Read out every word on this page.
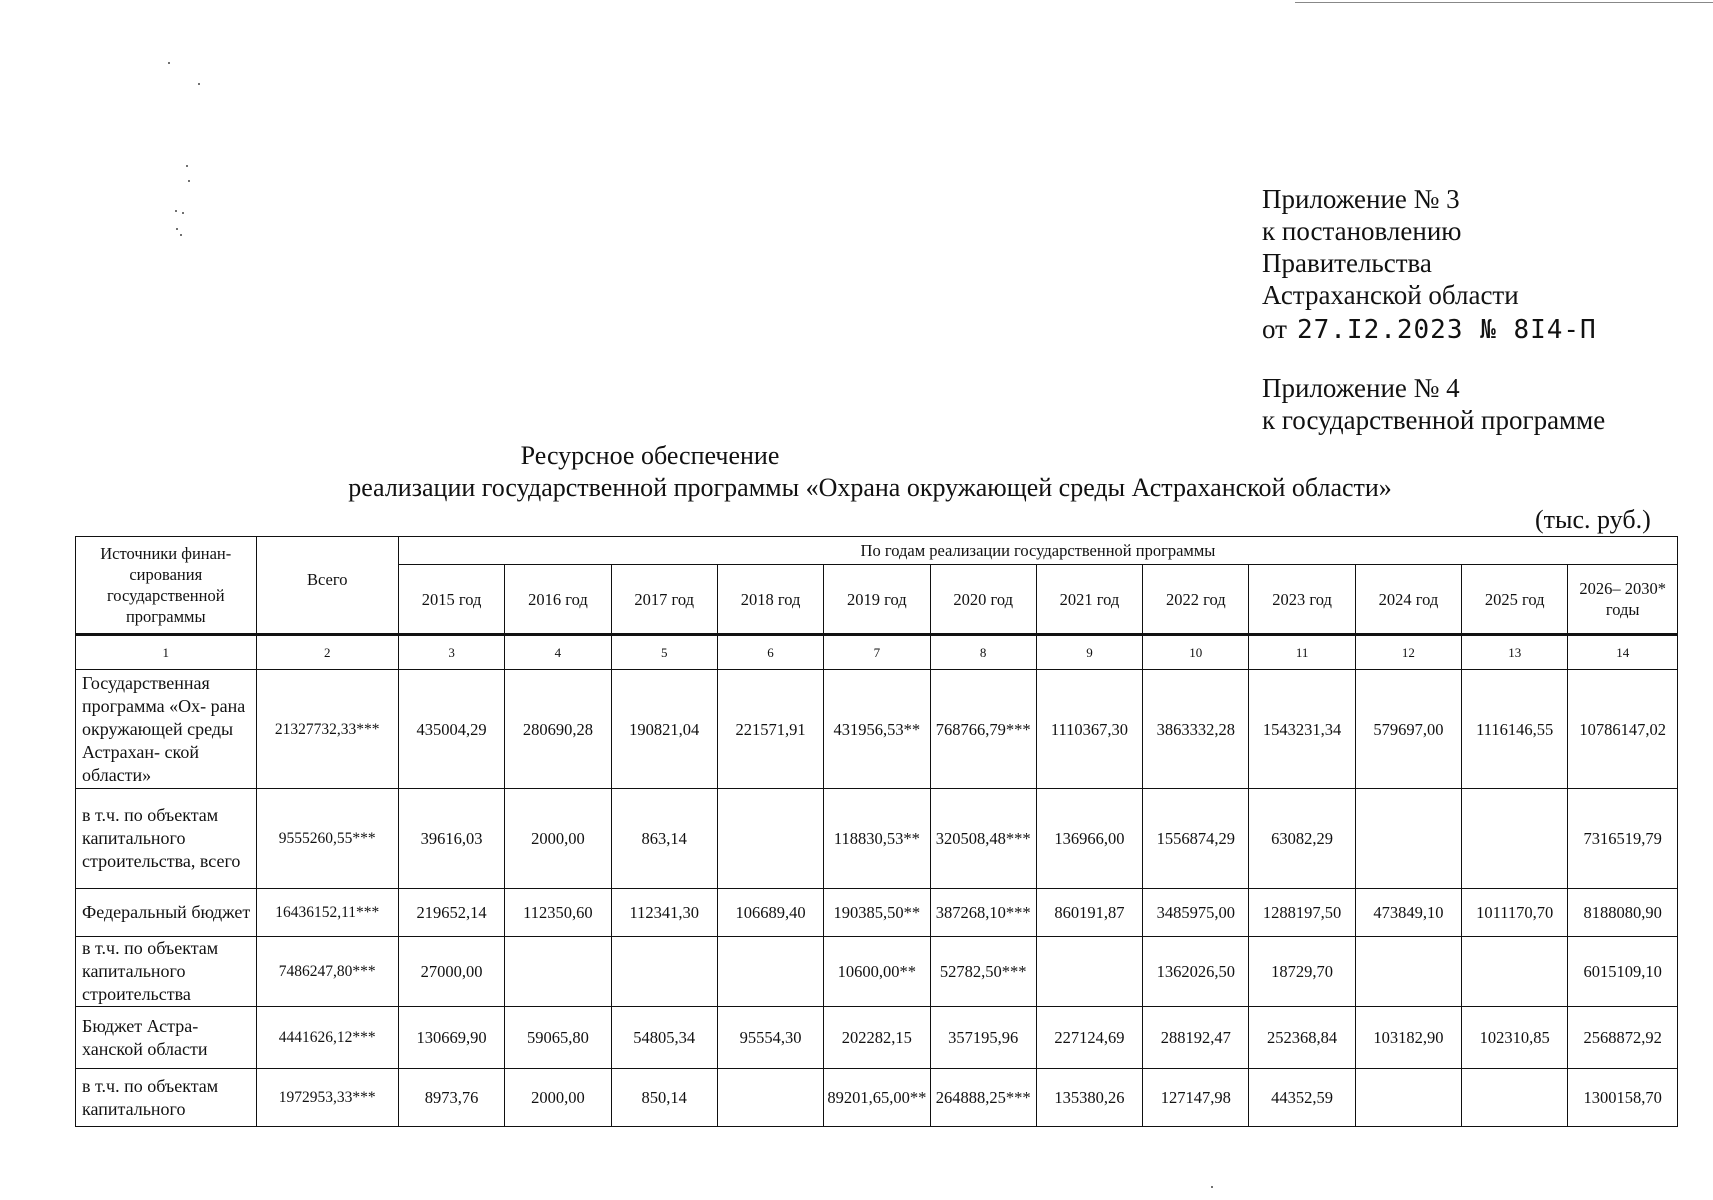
Приложение № 3
к постановлению
Правительства
Астраханской области
от 27.I2.2023 № 8I4-П
Приложение № 4
к государственной программе
Ресурсное обеспечение
реализации государственной программы «Охрана окружающей среды Астраханской области»
(тыс. руб.)
Источники финан- сирования государственной программы	Всего	По годам реализации государственной программы											
		2015 год	2016 год	2017 год	2018 год	2019 год	2020 год	2021 год	2022 год	2023 год	2024 год	2025 год	2026– 2030* годы
1	2	3	4	5	6	7	8	9	10	11	12	13	14
Государственная программа «Ох- рана окружающей среды Астрахан- ской области»	21327732,33***	435004,29	280690,28	190821,04	221571,91	431956,53**	768766,79***	1110367,30	3863332,28	1543231,34	579697,00	1116146,55	10786147,02
в т.ч. по объектам капитального строительства, всего	9555260,55***	39616,03	2000,00	863,14		118830,53**	320508,48***	136966,00	1556874,29	63082,29			7316519,79
Федеральный бюджет	16436152,11***	219652,14	112350,60	112341,30	106689,40	190385,50**	387268,10***	860191,87	3485975,00	1288197,50	473849,10	1011170,70	8188080,90
в т.ч. по объектам капитального строительства	7486247,80***	27000,00				10600,00**	52782,50***		1362026,50	18729,70			6015109,10
Бюджет Астра- ханской области	4441626,12***	130669,90	59065,80	54805,34	95554,30	202282,15	357195,96	227124,69	288192,47	252368,84	103182,90	102310,85	2568872,92
в т.ч. по объектам капитального	1972953,33***	8973,76	2000,00	850,14		89201,65,00**	264888,25***	135380,26	127147,98	44352,59			1300158,70
